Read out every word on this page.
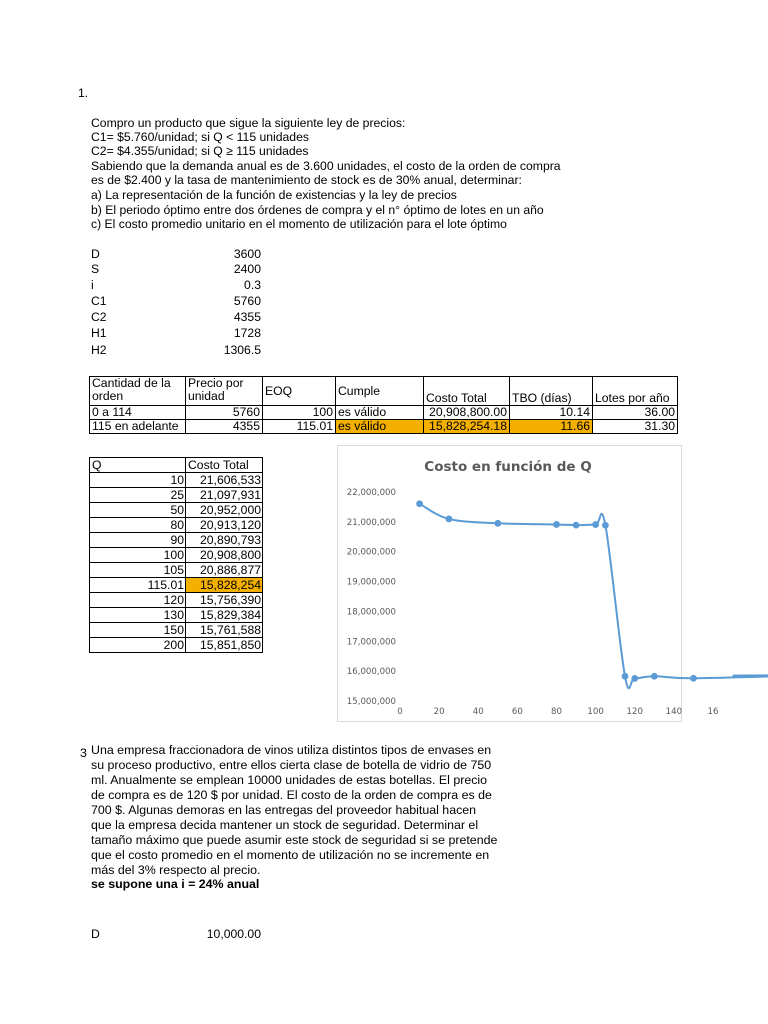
1.
Compro un producto que sigue la siguiente ley de precios:
C1= $5.760/unidad; si Q < 115 unidades
C2= $4.355/unidad; si Q ≥ 115 unidades
Sabiendo que la demanda anual es de 3.600 unidades, el costo de la orden de compra
es de $2.400 y la tasa de mantenimiento de stock es de 30% anual, determinar:
a) La representación de la función de existencias y la ley de precios
b) El periodo óptimo entre dos órdenes de compra y el n° óptimo de lotes en un año
c) El costo promedio unitario en el momento de utilización para el lote óptimo
D	3600
S	2400
i	0.3
C1	5760
C2	4355
H1	1728
H2	1306.5
Cantidad de la orden	Precio por unidad	EOQ	Cumple	Costo Total	TBO (días)	Lotes por año
0 a 114	5760	100	es válido	20,908,800.00	10.14	36.00
115 en adelante	4355	115.01	es válido	15,828,254.18	11.66	31.30
Q	Costo Total
10	21,606,533
25	21,097,931
50	20,952,000
80	20,913,120
90	20,890,793
100	20,908,800
105	20,886,877
115.01	15,828,254
120	15,756,390
130	15,829,384
150	15,761,588
200	15,851,850
Costo en función de Q
15,000,000
16,000,000
17,000,000
18,000,000
19,000,000
20,000,000
21,000,000
22,000,000
0	20	40	60	80	100	120	140	16
3 Una empresa fraccionadora de vinos utiliza distintos tipos de envases en
su proceso productivo, entre ellos cierta clase de botella de vidrio de 750
ml. Anualmente se emplean 10000 unidades de estas botellas. El precio
de compra es de 120 $ por unidad. El costo de la orden de compra es de
700 $. Algunas demoras en las entregas del proveedor habitual hacen
que la empresa decida mantener un stock de seguridad. Determinar el
tamaño máximo que puede asumir este stock de seguridad si se pretende
que el costo promedio en el momento de utilización no se incremente en
más del 3% respecto al precio.
se supone una i = 24% anual
D	10,000.00
